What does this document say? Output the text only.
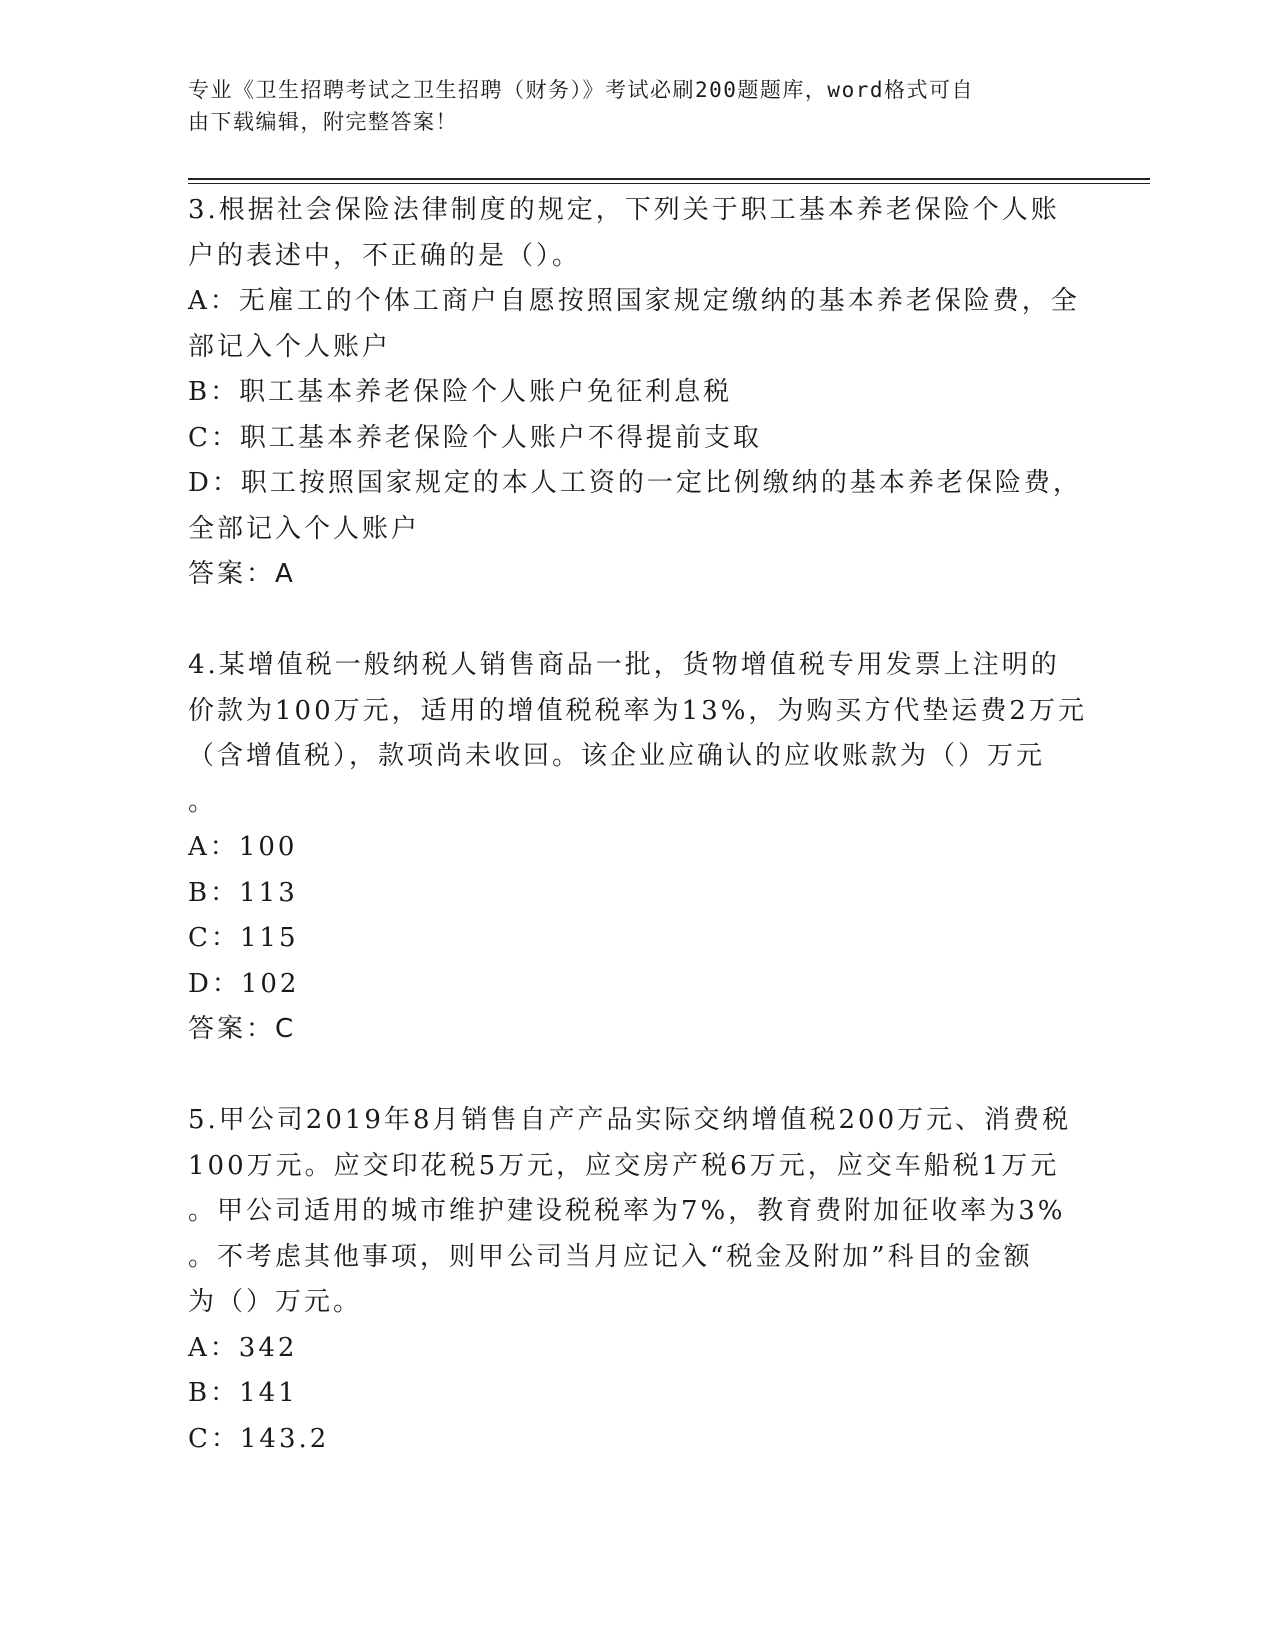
专业《卫生招聘考试之卫生招聘（财务）》考试必刷200题题库，word格式可自
由下载编辑，附完整答案！
3.根据社会保险法律制度的规定，下列关于职工基本养老保险个人账
户的表述中，不正确的是（）。
A：无雇工的个体工商户自愿按照国家规定缴纳的基本养老保险费，全
部记入个人账户
B：职工基本养老保险个人账户免征利息税
C：职工基本养老保险个人账户不得提前支取
D：职工按照国家规定的本人工资的一定比例缴纳的基本养老保险费，
全部记入个人账户
答案：A
4.某增值税一般纳税人销售商品一批，货物增值税专用发票上注明的
价款为100万元，适用的增值税税率为13%，为购买方代垫运费2万元
（含增值税），款项尚未收回。该企业应确认的应收账款为（）万元
。
A：100
B：113
C：115
D：102
答案：C
5.甲公司2019年8月销售自产产品实际交纳增值税200万元、消费税
100万元。应交印花税5万元，应交房产税6万元，应交车船税1万元
。甲公司适用的城市维护建设税税率为7%，教育费附加征收率为3%
。不考虑其他事项，则甲公司当月应记入“税金及附加”科目的金额
为（）万元。
A：342
B：141
C：143.2
